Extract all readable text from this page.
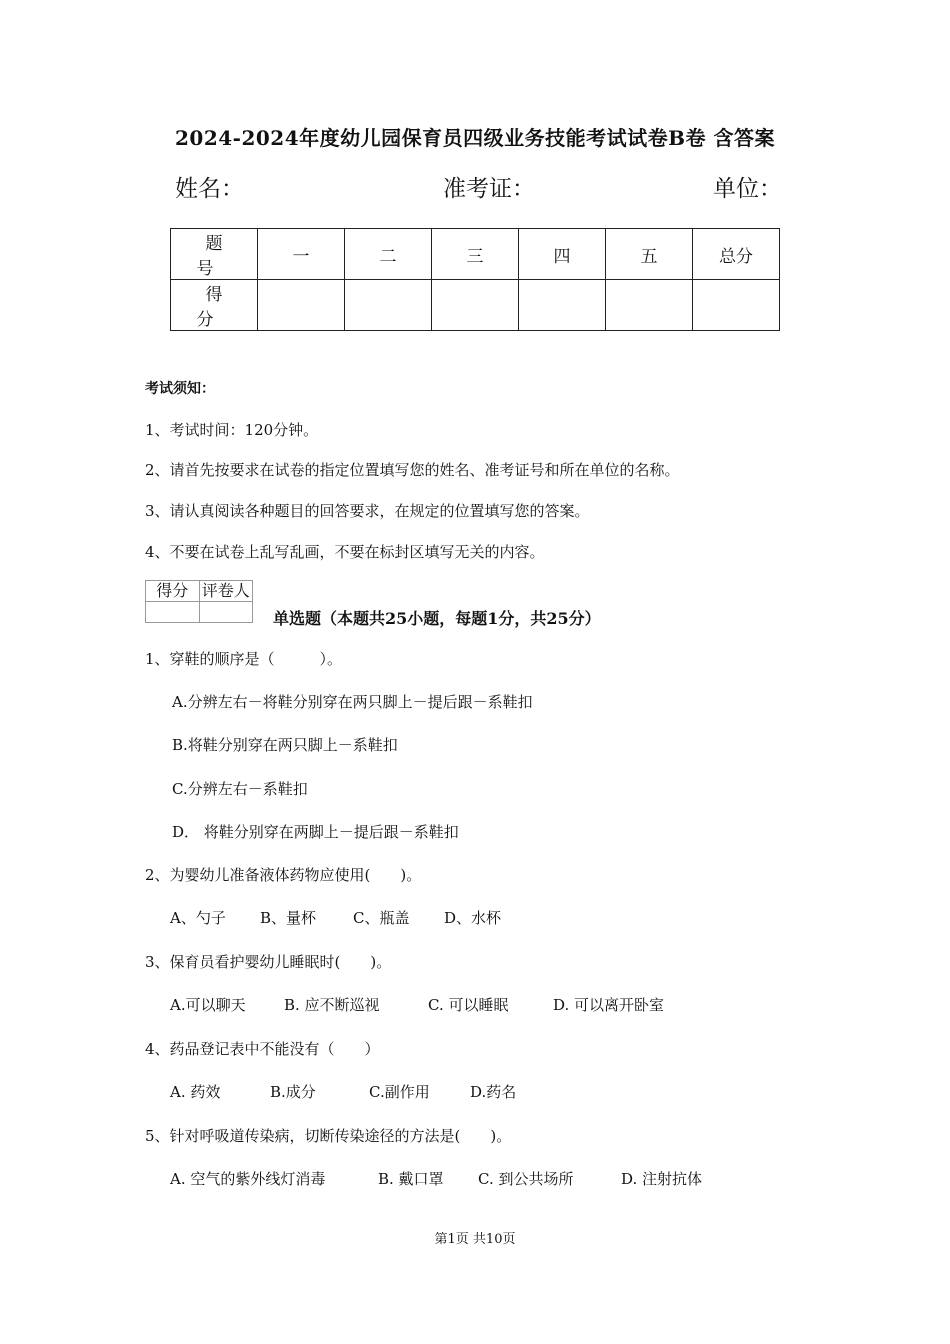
2024-2024年度幼儿园保育员四级业务技能考试试卷B卷 含答案
姓名：	准考证：	单位：
题　号	一	二	三	四	五	总分
得　分						
考试须知：
1、考试时间：120分钟。
2、请首先按要求在试卷的指定位置填写您的姓名、准考证号和所在单位的名称。
3、请认真阅读各种题目的回答要求，在规定的位置填写您的答案。
4、不要在试卷上乱写乱画，不要在标封区填写无关的内容。
得分	评卷人

单选题（本题共25小题，每题1分，共25分）
1、穿鞋的顺序是（　　　）。
A.分辨左右－将鞋分别穿在两只脚上－提后跟－系鞋扣
B.将鞋分别穿在两只脚上－系鞋扣
C.分辨左右－系鞋扣
D． 将鞋分别穿在两脚上－提后跟－系鞋扣
2、为婴幼儿准备液体药物应使用(　　)。
A、勺子 B、量杯 C、瓶盖 D、水杯
3、保育员看护婴幼儿睡眠时(　　)。
A.可以聊天	B. 应不断巡视	C. 可以睡眠	D. 可以离开卧室
4、药品登记表中不能没有（　　）
A. 药效	B.成分	C.副作用	D.药名
5、针对呼吸道传染病，切断传染途径的方法是(　　)。
A. 空气的紫外线灯消毒	B. 戴口罩 C. 到公共场所	D. 注射抗体
第1页 共10页
